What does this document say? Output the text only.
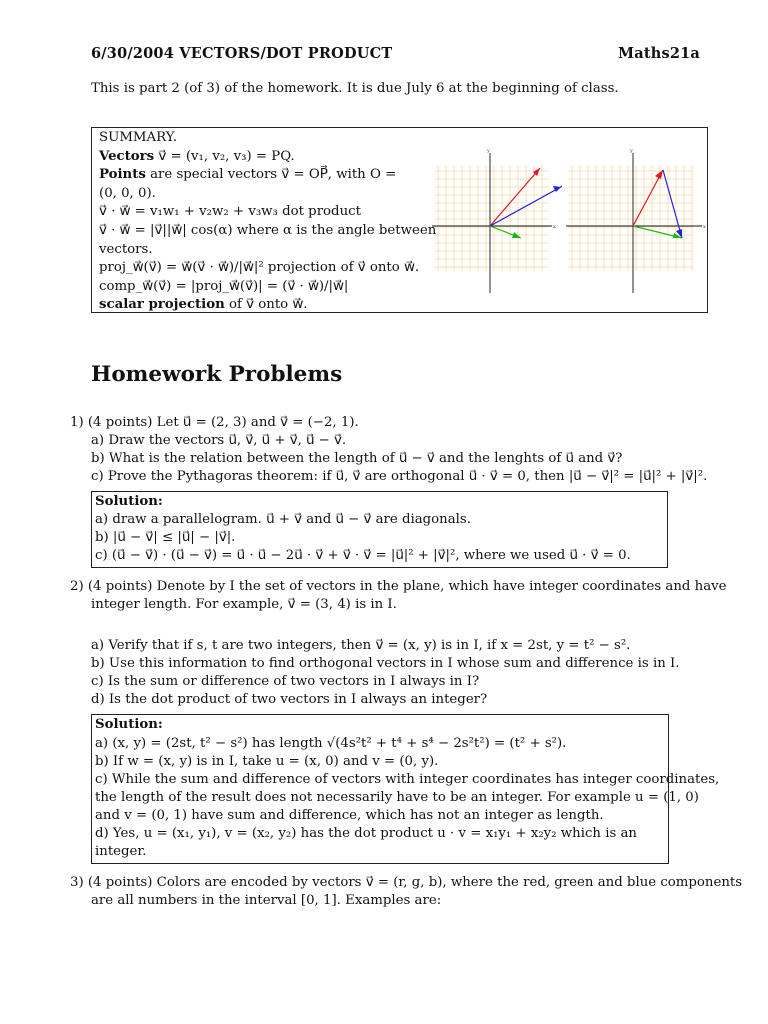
6/30/2004 VECTORS/DOT PRODUCT	Maths21a
This is part 2 (of 3) of the homework. It is due July 6 at the beginning of class.
SUMMARY.
Vectors v⃗ = (v₁, v₂, v₃) = PQ.
Points are special vectors v⃗ = OP⃗, with O =
(0, 0, 0).
v⃗ · w⃗ = v₁w₁ + v₂w₂ + v₃w₃ dot product
v⃗ · w⃗ = |v⃗||w⃗| cos(α) where α is the angle between
vectors.
proj_w⃗(v⃗) = w⃗(v⃗ · w⃗)/|w⃗|² projection of v⃗ onto w⃗.
comp_w⃗(v⃗) = |proj_w⃗(v⃗)| = (v⃗ · w⃗)/|w⃗|
scalar projection of v⃗ onto w⃗.
y
x
y
x
Homework Problems
1) (4 points) Let u⃗ = (2, 3) and v⃗ = (−2, 1).
a) Draw the vectors u⃗, v⃗, u⃗ + v⃗, u⃗ − v⃗.
b) What is the relation between the length of u⃗ − v⃗ and the lenghts of u⃗ and v⃗?
c) Prove the Pythagoras theorem: if u⃗, v⃗ are orthogonal u⃗ · v⃗ = 0, then |u⃗ − v⃗|² = |u⃗|² + |v⃗|².
Solution:
a) draw a parallelogram. u⃗ + v⃗ and u⃗ − v⃗ are diagonals.
b) |u⃗ − v⃗| ≤ |u⃗| − |v⃗|.
c) (u⃗ − v⃗) · (u⃗ − v⃗) = u⃗ · u⃗ − 2u⃗ · v⃗ + v⃗ · v⃗ = |u⃗|² + |v⃗|², where we used u⃗ · v⃗ = 0.
2) (4 points) Denote by I the set of vectors in the plane, which have integer coordinates and have
integer length. For example, v⃗ = (3, 4) is in I.
a) Verify that if s, t are two integers, then v⃗ = (x, y) is in I, if x = 2st, y = t² − s².
b) Use this information to find orthogonal vectors in I whose sum and difference is in I.
c) Is the sum or difference of two vectors in I always in I?
d) Is the dot product of two vectors in I always an integer?
Solution:
a) (x, y) = (2st, t² − s²) has length √(4s²t² + t⁴ + s⁴ − 2s²t²) = (t² + s²).
b) If w = (x, y) is in I, take u = (x, 0) and v = (0, y).
c) While the sum and difference of vectors with integer coordinates has integer coordinates,
the length of the result does not necessarily have to be an integer. For example u = (1, 0)
and v = (0, 1) have sum and difference, which has not an integer as length.
d) Yes, u = (x₁, y₁), v = (x₂, y₂) has the dot product u · v = x₁y₁ + x₂y₂ which is an
integer.
3) (4 points) Colors are encoded by vectors v⃗ = (r, g, b), where the red, green and blue components
are all numbers in the interval [0, 1]. Examples are:
